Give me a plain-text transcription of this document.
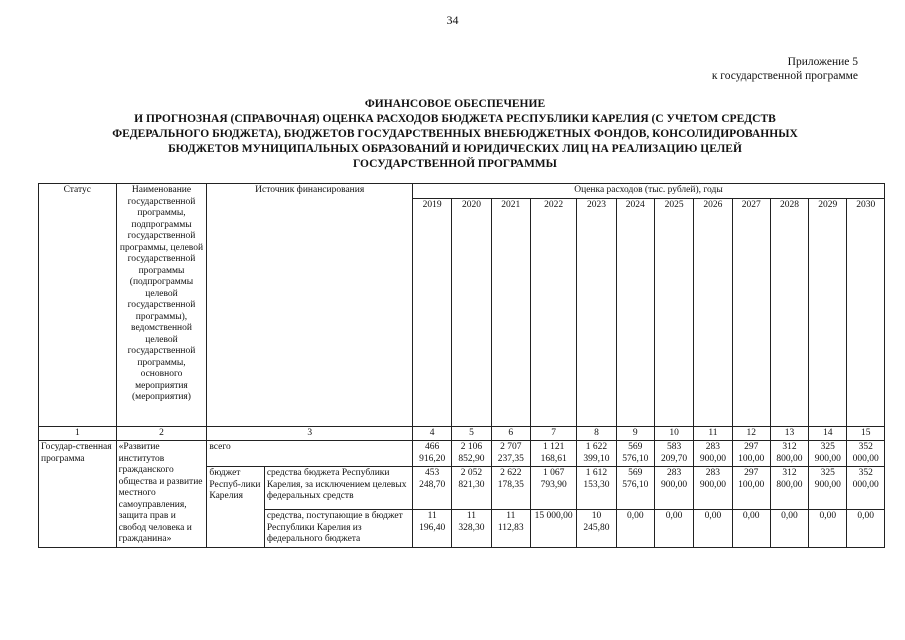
34
Приложение 5
к государственной программе
ФИНАНСОВОЕ ОБЕСПЕЧЕНИЕ
И ПРОГНОЗНАЯ (СПРАВОЧНАЯ) ОЦЕНКА РАСХОДОВ БЮДЖЕТА РЕСПУБЛИКИ КАРЕЛИЯ (С УЧЕТОМ СРЕДСТВ
ФЕДЕРАЛЬНОГО БЮДЖЕТА), БЮДЖЕТОВ ГОСУДАРСТВЕННЫХ ВНЕБЮДЖЕТНЫХ ФОНДОВ, КОНСОЛИДИРОВАННЫХ
БЮДЖЕТОВ МУНИЦИПАЛЬНЫХ ОБРАЗОВАНИЙ И ЮРИДИЧЕСКИХ ЛИЦ НА РЕАЛИЗАЦИЮ ЦЕЛЕЙ
ГОСУДАРСТВЕННОЙ ПРОГРАММЫ
Статус	Наименование государственной программы, подпрограммы государственной программы, целевой государственной программы (подпрограммы целевой государственной программы), ведомственной целевой государственной программы, основного мероприятия (мероприятия)	Источник финансирования		Оценка расходов (тыс. рублей), годы											
				2019	2020	2021	2022	2023	2024	2025	2026	2027	2028	2029	2030
1	2	3		4	5	6	7	8	9	10	11	12	13	14	15
Государ-ственная программа	«Развитие институтов гражданского общества и развитие местного самоуправления, защита прав и свобод человека и гражданина»	всего		466 916,20	2 106 852,90	2 707 237,35	1 121 168,61	1 622 399,10	569 576,10	583 209,70	283 900,00	297 100,00	312 800,00	325 900,00	352 000,00
		бюджет Респуб-лики Карелия	средства бюджета Республики Карелия, за исключением целевых федеральных средств	453 248,70	2 052 821,30	2 622 178,35	1 067 793,90	1 612 153,30	569 576,10	283 900,00	283 900,00	297 100,00	312 800,00	325 900,00	352 000,00
			средства, поступающие в бюджет Республики Карелия из федерального бюджета	11 196,40	11 328,30	11 112,83	15 000,00	10 245,80	0,00	0,00	0,00	0,00	0,00	0,00	0,00
